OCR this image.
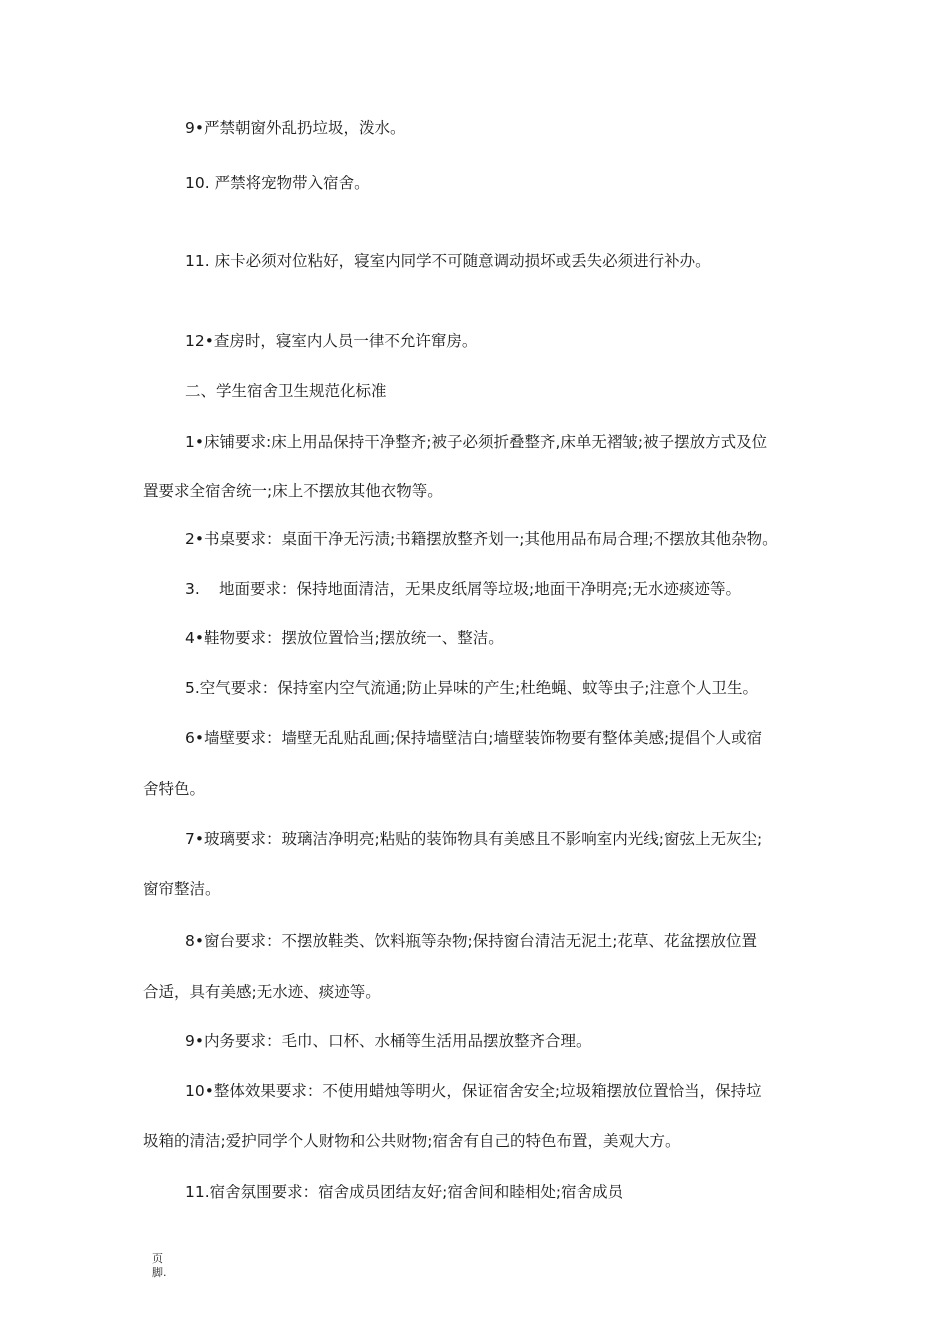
9•严禁朝窗外乱扔垃圾，泼水。
10. 严禁将宠物带入宿舍。
11. 床卡必须对位粘好，寝室内同学不可随意调动损坏或丢失必须进行补办。
12•查房时，寝室内人员一律不允许窜房。
二、学生宿舍卫生规范化标准
1•床铺要求:床上用品保持干净整齐;被子必须折叠整齐,床单无褶皱;被子摆放方式及位
置要求全宿舍统一;床上不摆放其他衣物等。
2•书桌要求：桌面干净无污渍;书籍摆放整齐划一;其他用品布局合理;不摆放其他杂物。
3. 地面要求：保持地面清洁，无果皮纸屑等垃圾;地面干净明亮;无水迹痰迹等。
4•鞋物要求：摆放位置恰当;摆放统一、整洁。
5.空气要求：保持室内空气流通;防止异味的产生;杜绝蝇、蚊等虫子;注意个人卫生。
6•墙壁要求：墙壁无乱贴乱画;保持墙壁洁白;墙壁装饰物要有整体美感;提倡个人或宿
舍特色。
7•玻璃要求：玻璃洁净明亮;粘贴的装饰物具有美感且不影响室内光线;窗弦上无灰尘;
窗帘整洁。
8•窗台要求：不摆放鞋类、饮料瓶等杂物;保持窗台清洁无泥土;花草、花盆摆放位置
合适，具有美感;无水迹、痰迹等。
9•内务要求：毛巾、口杯、水桶等生活用品摆放整齐合理。
10•整体效果要求：不使用蜡烛等明火，保证宿舍安全;垃圾箱摆放位置恰当，保持垃
圾箱的清洁;爱护同学个人财物和公共财物;宿舍有自己的特色布置，美观大方。
11.宿舍氛围要求：宿舍成员团结友好;宿舍间和睦相处;宿舍成员
页
脚.
